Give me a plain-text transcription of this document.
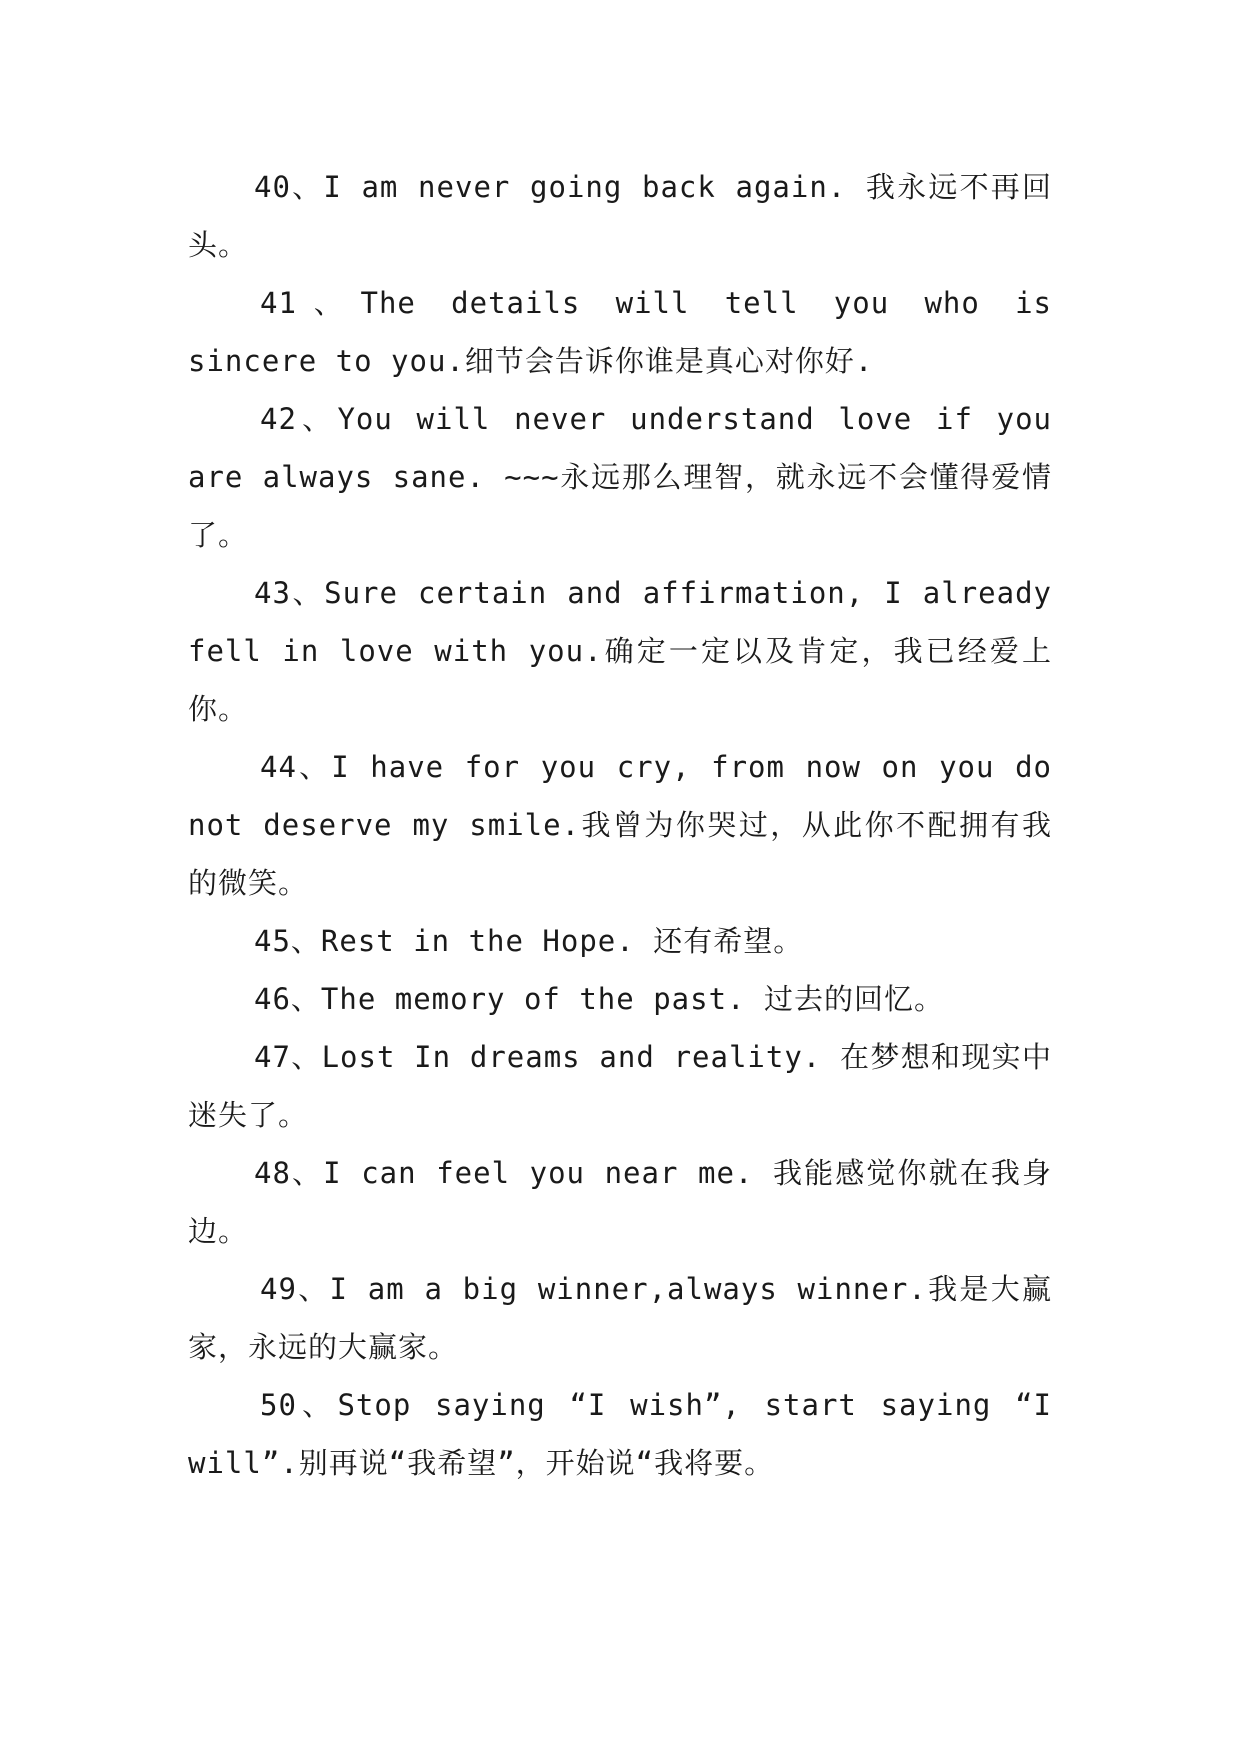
40、I am never going back again. 我永远不再回头。

41、The details will tell you who is sincere to you.细节会告诉你谁是真心对你好.

42、You will never understand love if you are always sane. ~~~永远那么理智，就永远不会懂得爱情了。

43、Sure certain and affirmation, I already fell in love with you.确定一定以及肯定，我已经爱上你。

44、I have for you cry, from now on you do not deserve my smile.我曾为你哭过，从此你不配拥有我的微笑。

45、Rest in the Hope. 还有希望。

46、The memory of the past. 过去的回忆。

47、Lost In dreams and reality. 在梦想和现实中迷失了。

48、I can feel you near me. 我能感觉你就在我身边。

49、I am a big winner,always winner.我是大赢家，永远的大赢家。

50、Stop saying “I wish”, start saying “I will”.别再说“我希望”，开始说“我将要。
